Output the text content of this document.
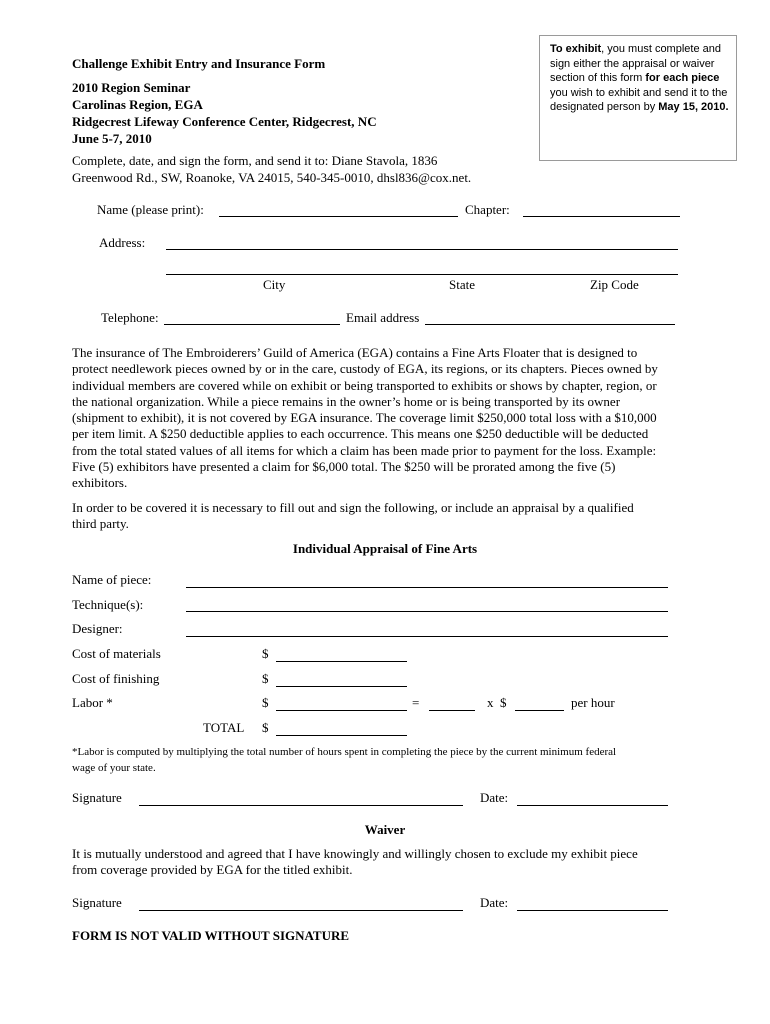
Challenge Exhibit Entry and Insurance Form
2010 Region Seminar
Carolinas Region, EGA
Ridgecrest Lifeway Conference Center, Ridgecrest, NC
June 5-7, 2010
Complete, date, and sign the form, and send it to: Diane Stavola, 1836
Greenwood Rd., SW, Roanoke, VA 24015, 540-345-0010, dhsl836@cox.net.
To exhibit, you must complete and sign either the appraisal or waiver section of this form for each piece you wish to exhibit and send it to the designated person by May 15, 2010.
Name (please print):	Chapter:
Address:
City	State	Zip Code
Telephone:	Email address
The insurance of The Embroiderers’ Guild of America (EGA) contains a Fine Arts Floater that is designed to
protect needlework pieces owned by or in the care, custody of EGA, its regions, or its chapters. Pieces owned by
individual members are covered while on exhibit or being transported to exhibits or shows by chapter, region, or
the national organization. While a piece remains in the owner’s home or is being transported by its owner
(shipment to exhibit), it is not covered by EGA insurance. The coverage limit $250,000 total loss with a $10,000
per item limit. A $250 deductible applies to each occurrence. This means one $250 deductible will be deducted
from the total stated values of all items for which a claim has been made prior to payment for the loss. Example:
Five (5) exhibitors have presented a claim for $6,000 total. The $250 will be prorated among the five (5)
exhibitors.
In order to be covered it is necessary to fill out and sign the following, or include an appraisal by a qualified
third party.
Individual Appraisal of Fine Arts
Name of piece:
Technique(s):
Designer:
Cost of materials	$
Cost of finishing	$
Labor *	$	=	x $	per hour
TOTAL $
*Labor is computed by multiplying the total number of hours spent in completing the piece by the current minimum federal
wage of your state.
Signature	Date:
Waiver
It is mutually understood and agreed that I have knowingly and willingly chosen to exclude my exhibit piece
from coverage provided by EGA for the titled exhibit.
Signature	Date:
FORM IS NOT VALID WITHOUT SIGNATURE
